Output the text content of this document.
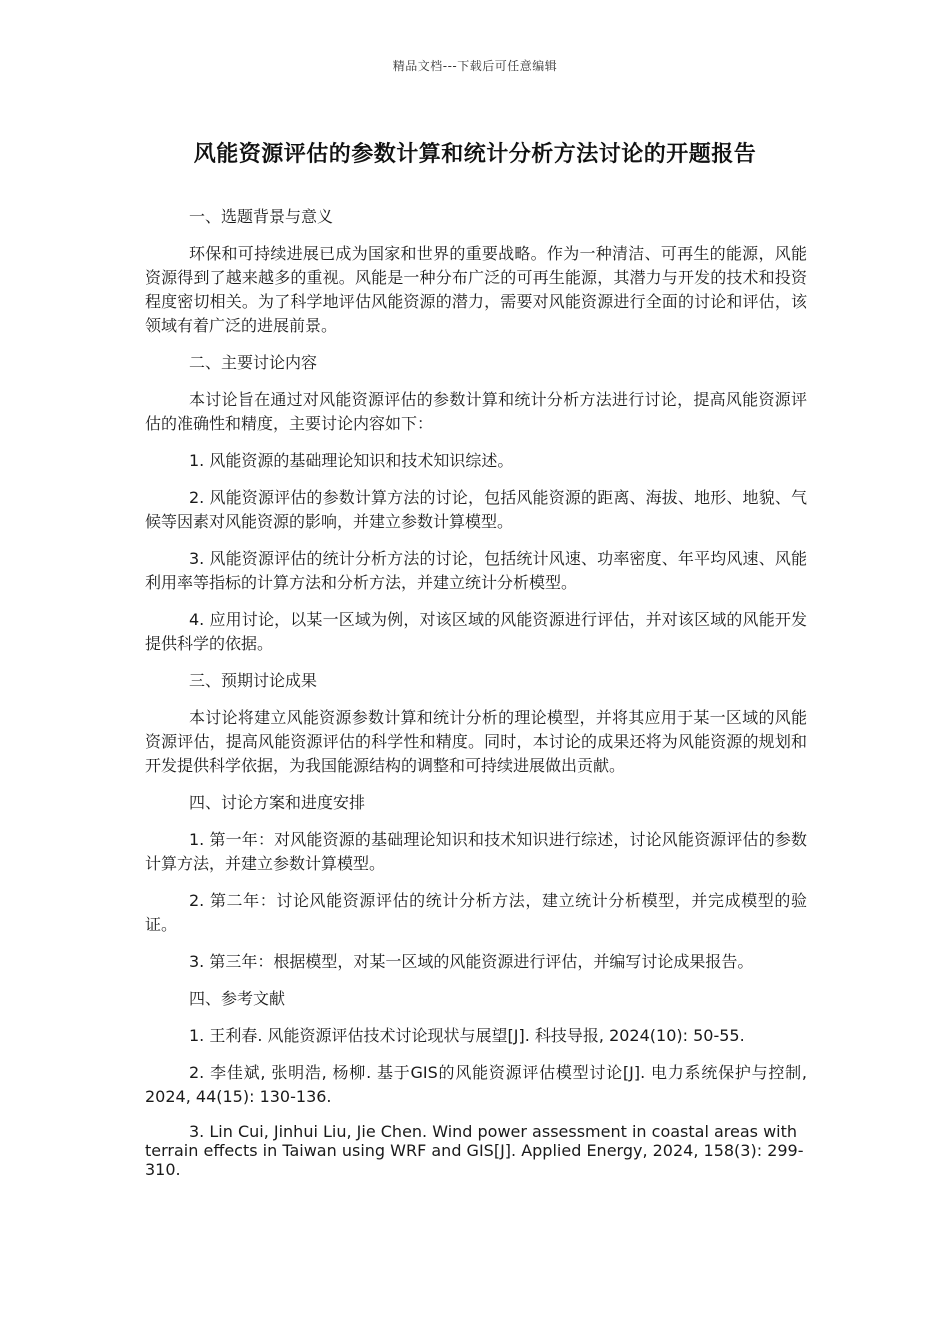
精品文档---下载后可任意编辑
风能资源评估的参数计算和统计分析方法讨论的开题报告

一、选题背景与意义

环保和可持续进展已成为国家和世界的重要战略。作为一种清洁、可再生的能源，风能资源得到了越来越多的重视。风能是一种分布广泛的可再生能源，其潜力与开发的技术和投资程度密切相关。为了科学地评估风能资源的潜力，需要对风能资源进行全面的讨论和评估，该领域有着广泛的进展前景。

二、主要讨论内容

本讨论旨在通过对风能资源评估的参数计算和统计分析方法进行讨论，提高风能资源评估的准确性和精度，主要讨论内容如下：

1. 风能资源的基础理论知识和技术知识综述。

2. 风能资源评估的参数计算方法的讨论，包括风能资源的距离、海拔、地形、地貌、气候等因素对风能资源的影响，并建立参数计算模型。

3. 风能资源评估的统计分析方法的讨论，包括统计风速、功率密度、年平均风速、风能利用率等指标的计算方法和分析方法，并建立统计分析模型。

4. 应用讨论，以某一区域为例，对该区域的风能资源进行评估，并对该区域的风能开发提供科学的依据。

三、预期讨论成果

本讨论将建立风能资源参数计算和统计分析的理论模型，并将其应用于某一区域的风能资源评估，提高风能资源评估的科学性和精度。同时，本讨论的成果还将为风能资源的规划和开发提供科学依据，为我国能源结构的调整和可持续进展做出贡献。

四、讨论方案和进度安排

1. 第一年：对风能资源的基础理论知识和技术知识进行综述，讨论风能资源评估的参数计算方法，并建立参数计算模型。

2. 第二年：讨论风能资源评估的统计分析方法，建立统计分析模型，并完成模型的验证。

3. 第三年：根据模型，对某一区域的风能资源进行评估，并编写讨论成果报告。

四、参考文献

1. 王利春. 风能资源评估技术讨论现状与展望[J]. 科技导报, 2024(10): 50-55.

2. 李佳斌, 张明浩, 杨柳. 基于GIS的风能资源评估模型讨论[J]. 电力系统保护与控制, 2024, 44(15): 130-136.

3. Lin Cui, Jinhui Liu, Jie Chen. Wind power assessment in coastal areas with terrain effects in Taiwan using WRF and GIS[J]. Applied Energy, 2024, 158(3): 299-310.
